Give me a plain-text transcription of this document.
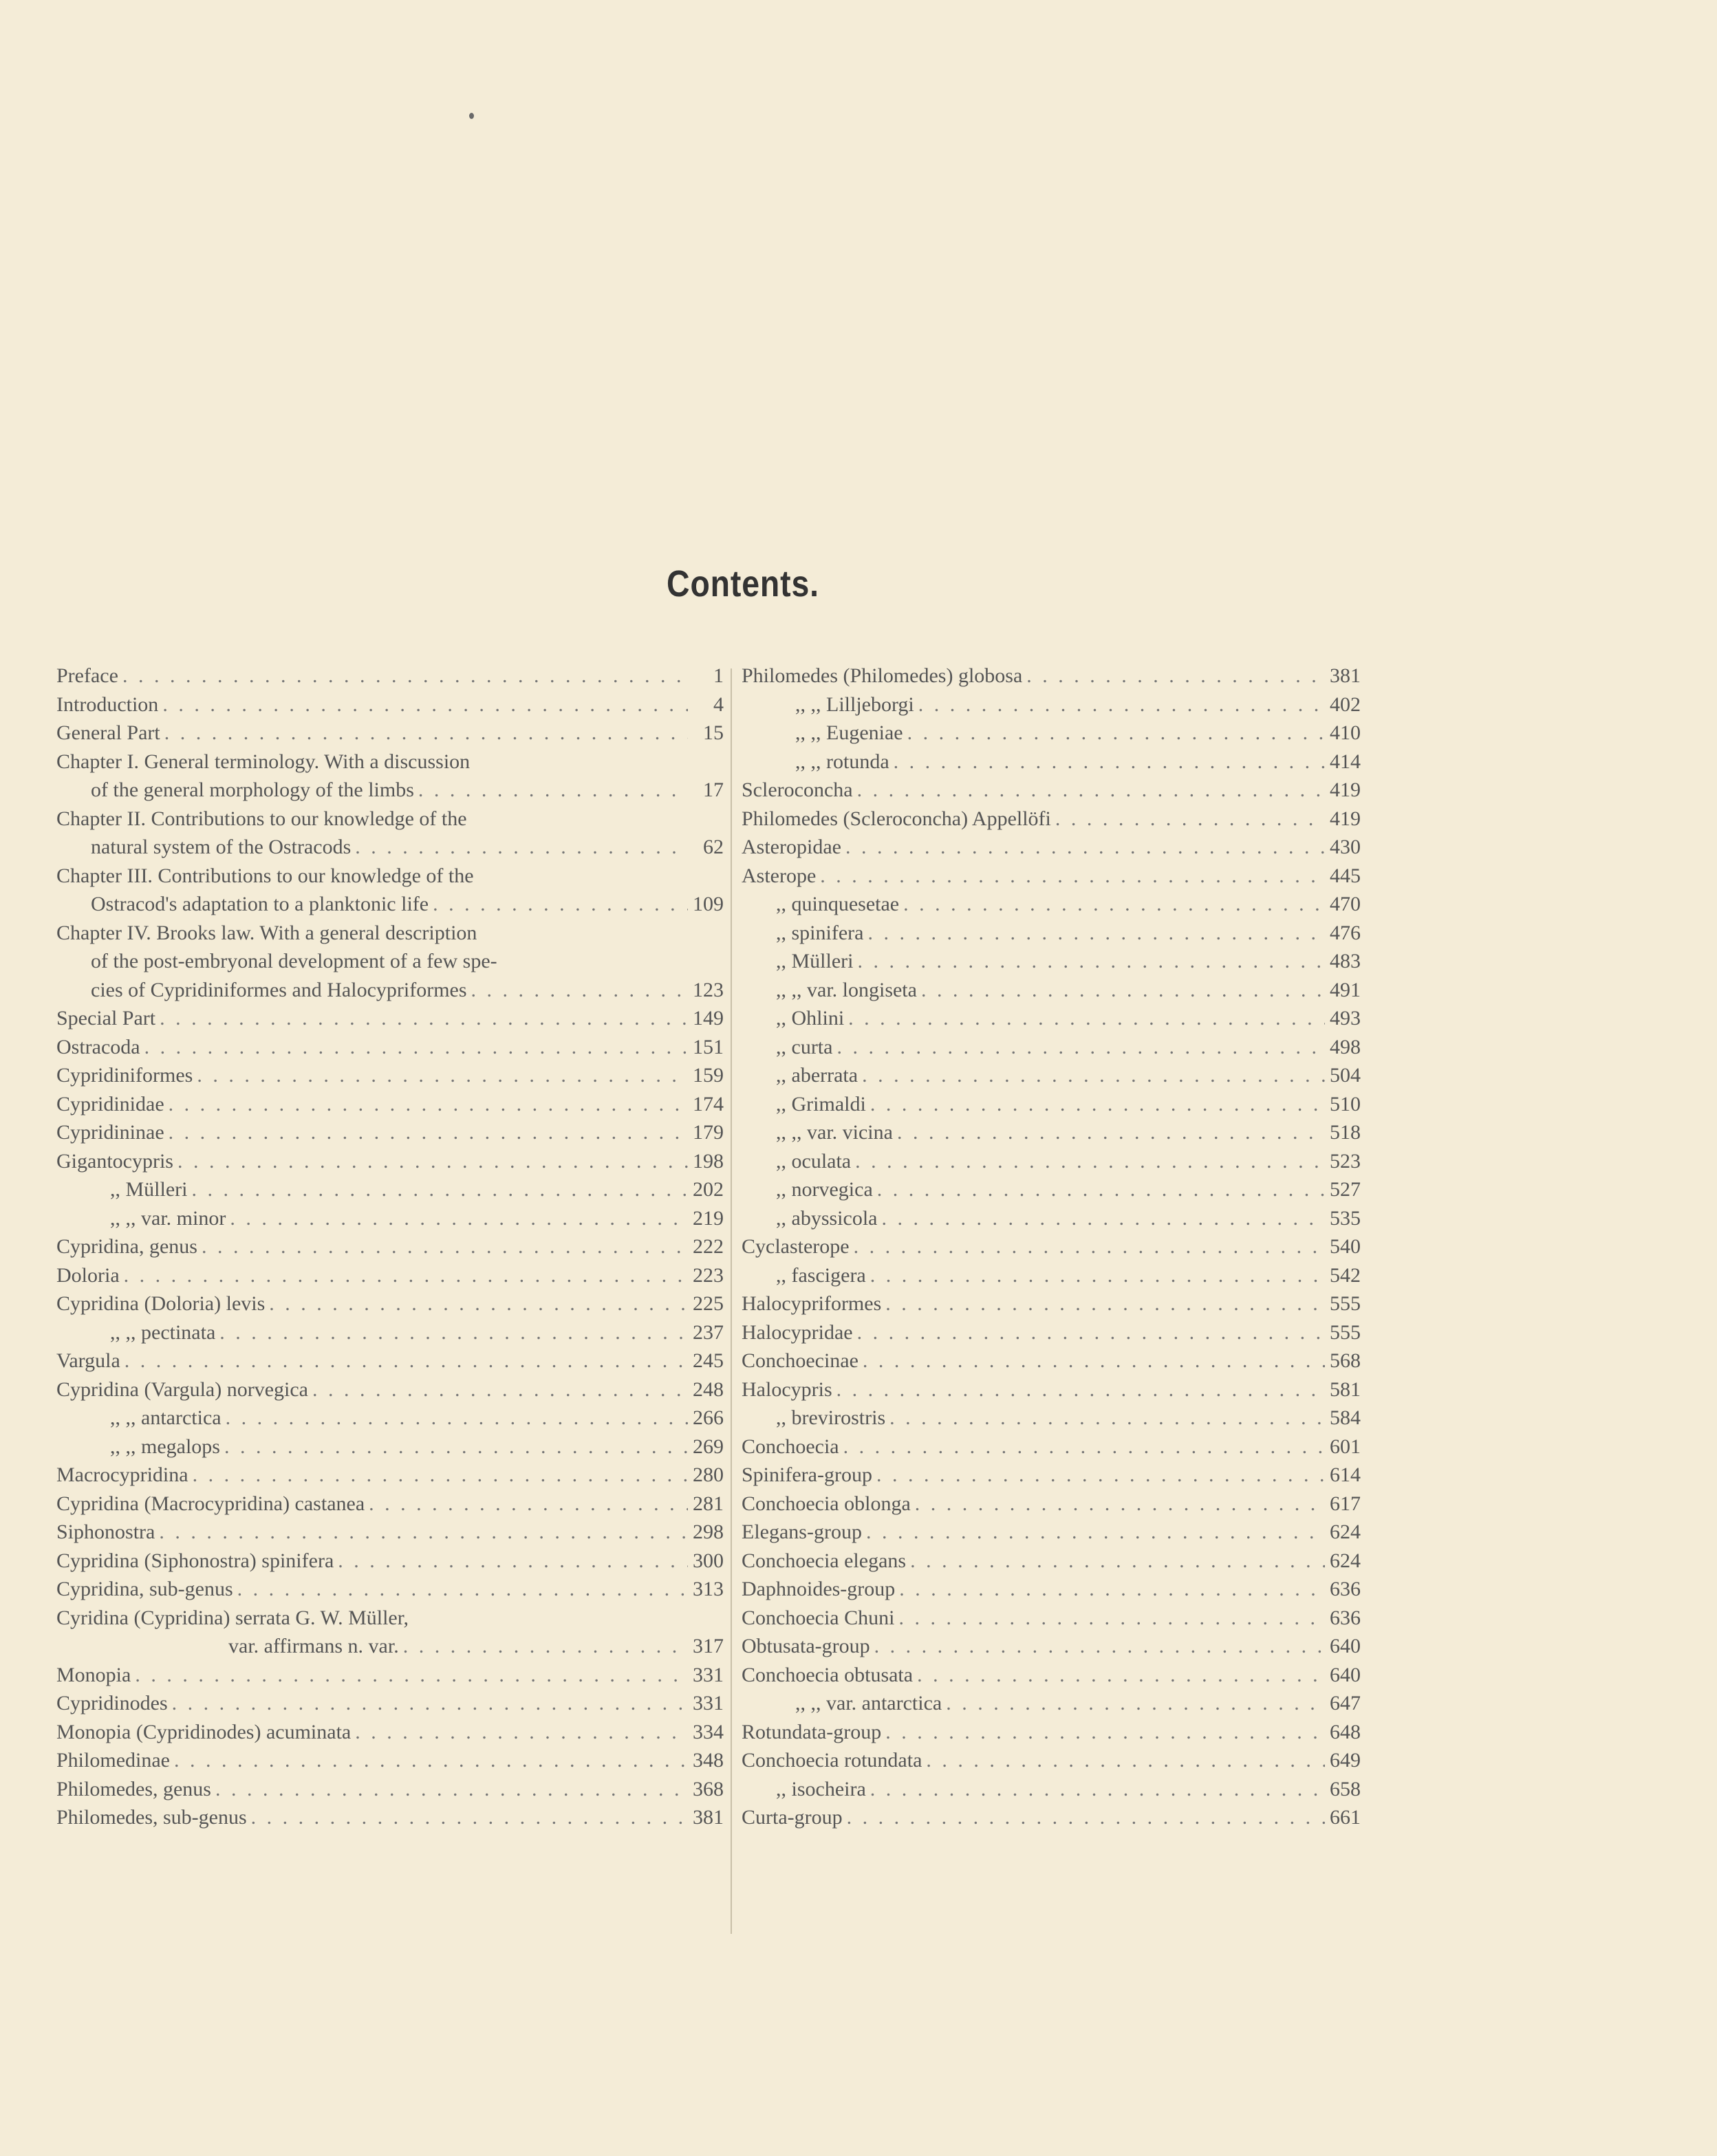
Contents.
Preface . . .	1
Introduction . . .	4
General Part . . .	15
Chapter I. General terminology. With a discussion
of the general morphology of the limbs . . .	17
Chapter II. Contributions to our knowledge of the
natural system of the Ostracods . . .	62
Chapter III. Contributions to our knowledge of the
Ostracod's adaptation to a planktonic life . . .	109
Chapter IV. Brooks law. With a general description
of the post-embryonal development of a few spe-
cies of Cypridiniformes and Halocypriformes . . .	123
Special Part . . .	149
Ostracoda . . .	151
Cypridiniformes . . .	159
Cypridinidae . . .	174
Cypridininae . . .	179
Gigantocypris . . .	198
,, Mülleri . . .	202
,, ,, var. minor . . .	219
Cypridina, genus . . .	222
Doloria . . .	223
Cypridina (Doloria) levis . . .	225
,, ,, pectinata . . .	237
Vargula . . .	245
Cypridina (Vargula) norvegica . . .	248
,, ,, antarctica . . .	266
,, ,, megalops . . .	269
Macrocypridina . . .	280
Cypridina (Macrocypridina) castanea . . .	281
Siphonostra . . .	298
Cypridina (Siphonostra) spinifera . . .	300
Cypridina, sub-genus . . .	313
Cyridina (Cypridina) serrata G. W. Müller,
var. affirmans n. var. . . .	317
Monopia . . .	331
Cypridinodes . . .	331
Monopia (Cypridinodes) acuminata . . .	334
Philomedinae . . .	348
Philomedes, genus . . .	368
Philomedes, sub-genus . . .	381
Philomedes (Philomedes) globosa . . .	381
,, ,, Lilljeborgi . . .	402
,, ,, Eugeniae . . .	410
,, ,, rotunda . . .	414
Scleroconcha . . .	419
Philomedes (Scleroconcha) Appellöfi . . .	419
Asteropidae . . .	430
Asterope . . .	445
,, quinquesetae . . .	470
,, spinifera . . .	476
,, Mülleri . . .	483
,, ,, var. longiseta . . .	491
,, Ohlini . . .	493
,, curta . . .	498
,, aberrata . . .	504
,, Grimaldi . . .	510
,, ,, var. vicina . . .	518
,, oculata . . .	523
,, norvegica . . .	527
,, abyssicola . . .	535
Cyclasterope . . .	540
,, fascigera . . .	542
Halocypriformes . . .	555
Halocypridae . . .	555
Conchoecinae . . .	568
Halocypris . . .	581
,, brevirostris . . .	584
Conchoecia . . .	601
Spinifera-group . . .	614
Conchoecia oblonga . . .	617
Elegans-group . . .	624
Conchoecia elegans . . .	624
Daphnoides-group . . .	636
Conchoecia Chuni . . .	636
Obtusata-group . . .	640
Conchoecia obtusata . . .	640
,, ,, var. antarctica . . .	647
Rotundata-group . . .	648
Conchoecia rotundata . . .	649
,, isocheira . . .	658
Curta-group . . .	661
